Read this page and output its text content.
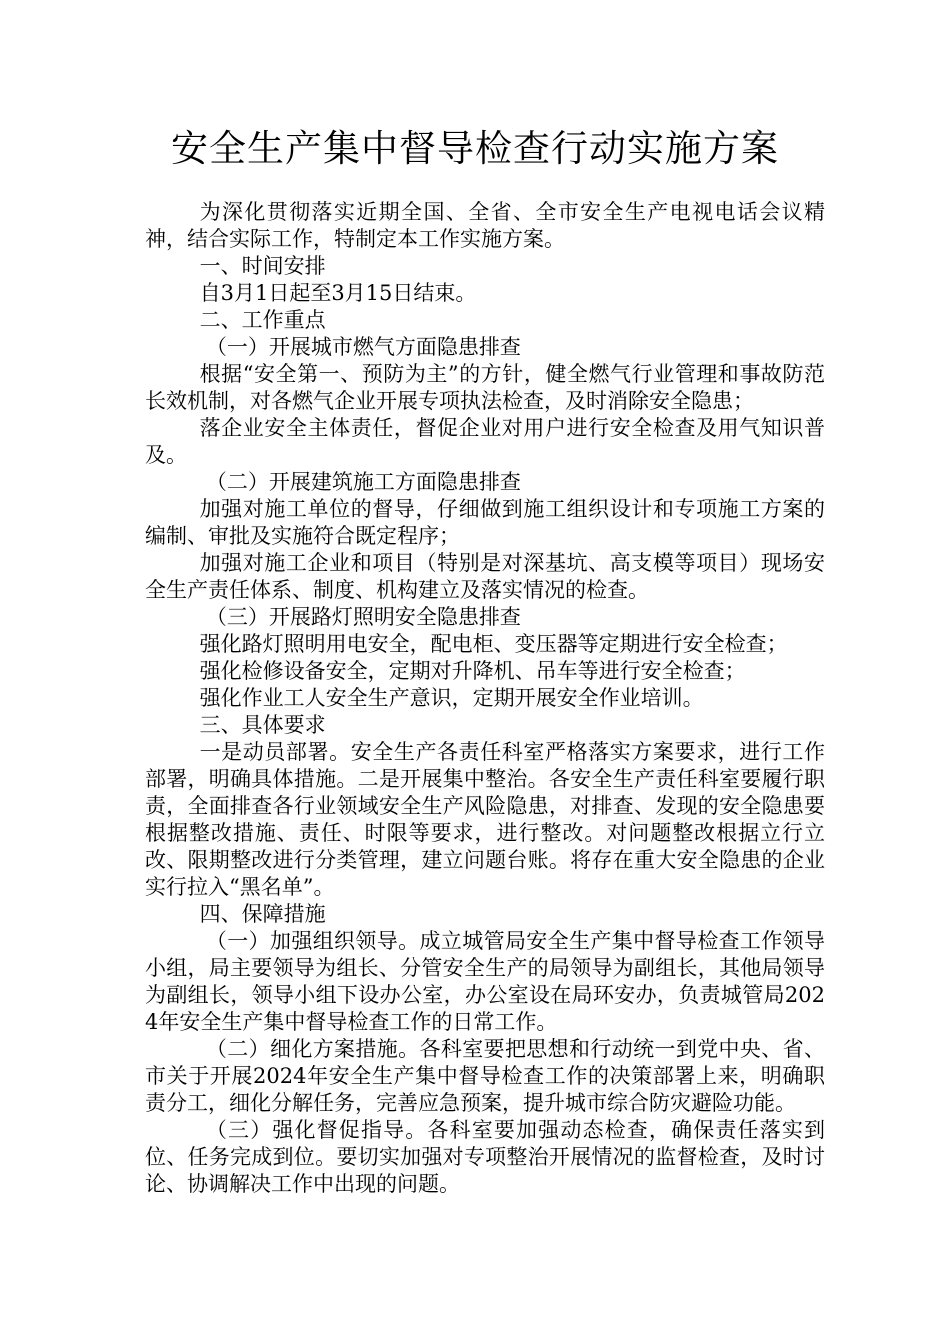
安全生产集中督导检查行动实施方案

为深化贯彻落实近期全国、全省、全市安全生产电视电话会议精神，结合实际工作，特制定本工作实施方案。

一、时间安排

自3月1日起至3月15日结束。

二、工作重点

（一）开展城市燃气方面隐患排查

根据“安全第一、预防为主”的方针，健全燃气行业管理和事故防范长效机制，对各燃气企业开展专项执法检查，及时消除安全隐患；

落企业安全主体责任，督促企业对用户进行安全检查及用气知识普及。

（二）开展建筑施工方面隐患排查

加强对施工单位的督导，仔细做到施工组织设计和专项施工方案的编制、审批及实施符合既定程序；

加强对施工企业和项目（特别是对深基坑、高支模等项目）现场安全生产责任体系、制度、机构建立及落实情况的检查。

（三）开展路灯照明安全隐患排查

强化路灯照明用电安全，配电柜、变压器等定期进行安全检查；

强化检修设备安全，定期对升降机、吊车等进行安全检查；

强化作业工人安全生产意识，定期开展安全作业培训。

三、具体要求

一是动员部署。安全生产各责任科室严格落实方案要求，进行工作部署，明确具体措施。二是开展集中整治。各安全生产责任科室要履行职责，全面排查各行业领域安全生产风险隐患，对排查、发现的安全隐患要根据整改措施、责任、时限等要求，进行整改。对问题整改根据立行立改、限期整改进行分类管理，建立问题台账。将存在重大安全隐患的企业实行拉入“黑名单”。

四、保障措施

（一）加强组织领导。成立城管局安全生产集中督导检查工作领导小组，局主要领导为组长、分管安全生产的局领导为副组长，其他局领导为副组长，领导小组下设办公室，办公室设在局环安办，负责城管局2024年安全生产集中督导检查工作的日常工作。

（二）细化方案措施。各科室要把思想和行动统一到党中央、省、市关于开展2024年安全生产集中督导检查工作的决策部署上来，明确职责分工，细化分解任务，完善应急预案，提升城市综合防灾避险功能。

（三）强化督促指导。各科室要加强动态检查，确保责任落实到位、任务完成到位。要切实加强对专项整治开展情况的监督检查，及时讨论、协调解决工作中出现的问题。
